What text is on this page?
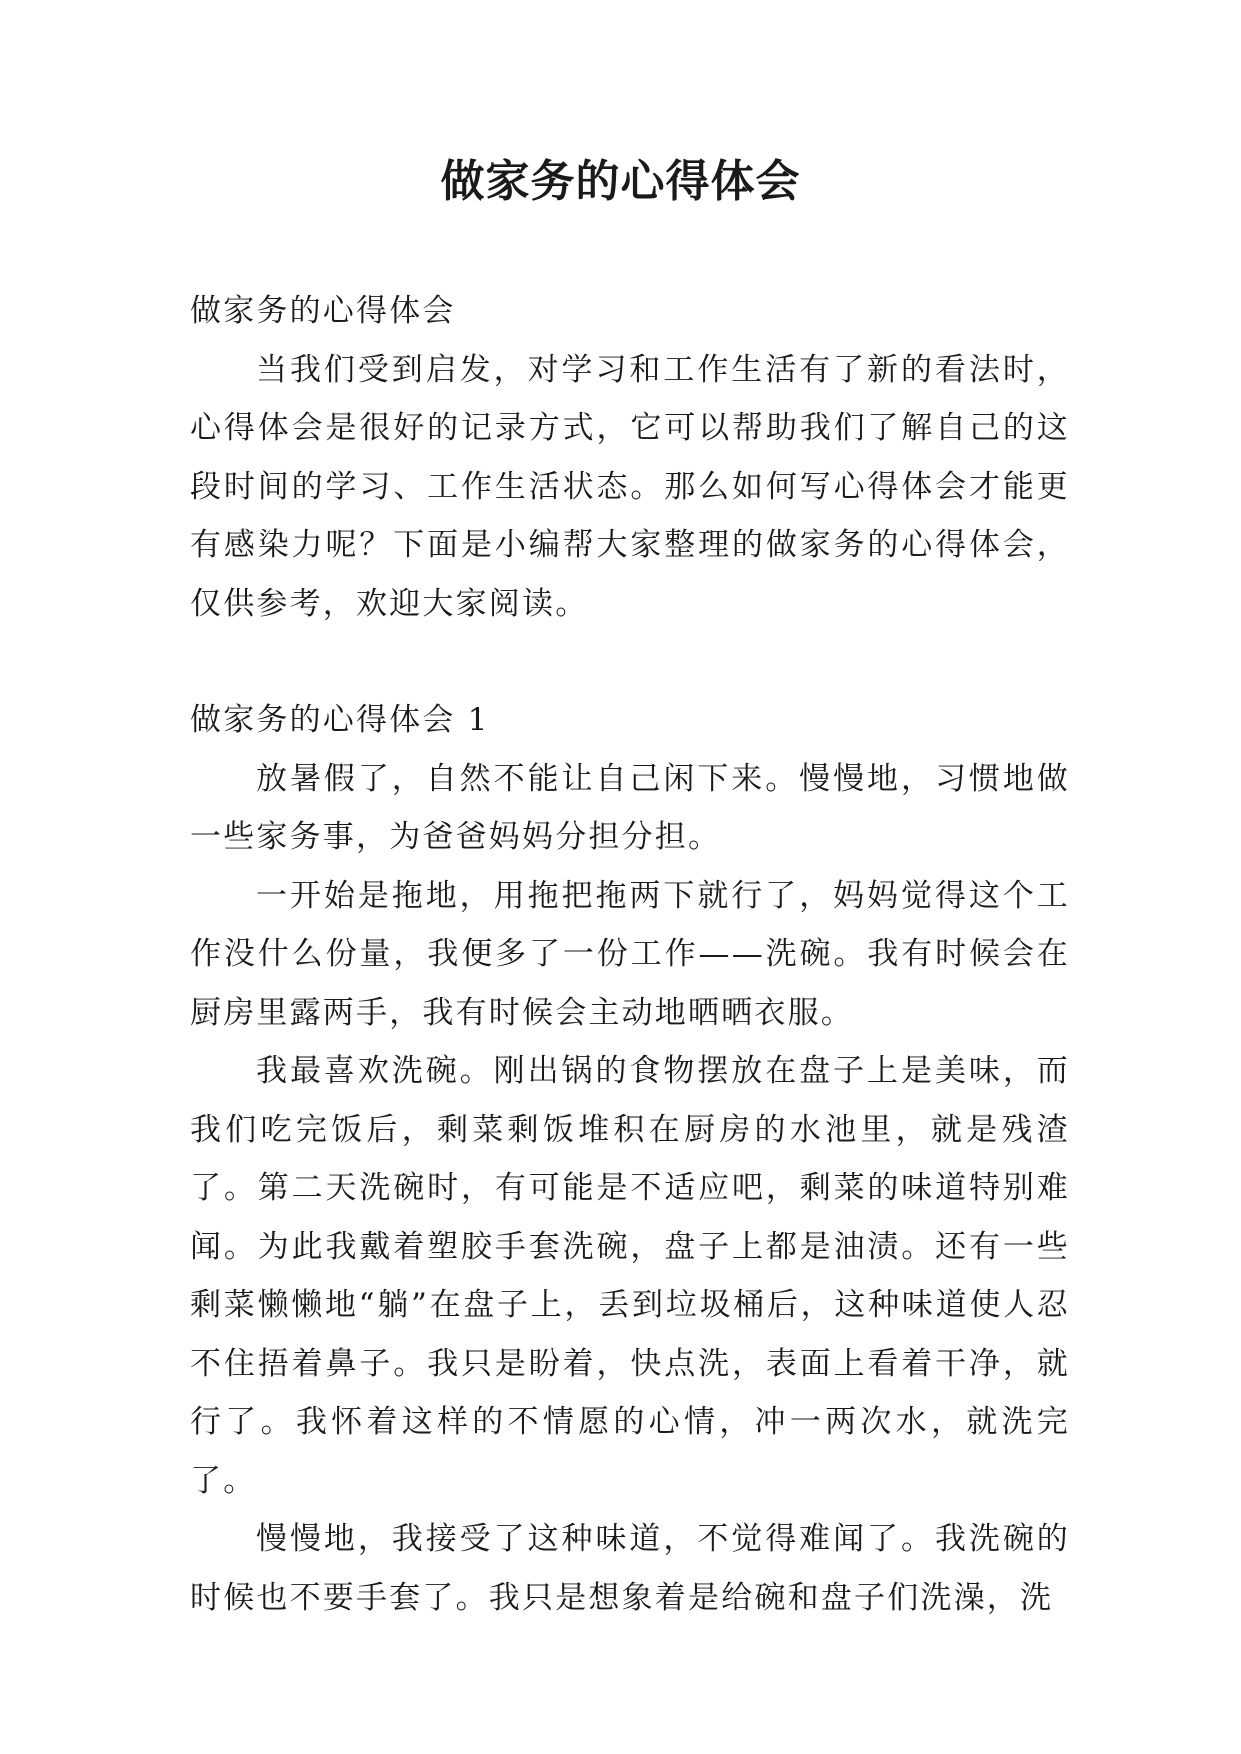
做家务的心得体会

做家务的心得体会

当我们受到启发，对学习和工作生活有了新的看法时，心得体会是很好的记录方式，它可以帮助我们了解自己的这段时间的学习、工作生活状态。那么如何写心得体会才能更有感染力呢？下面是小编帮大家整理的做家务的心得体会，仅供参考，欢迎大家阅读。

做家务的心得体会 1

放暑假了，自然不能让自己闲下来。慢慢地，习惯地做一些家务事，为爸爸妈妈分担分担。

一开始是拖地，用拖把拖两下就行了，妈妈觉得这个工作没什么份量，我便多了一份工作——洗碗。我有时候会在厨房里露两手，我有时候会主动地晒晒衣服。

我最喜欢洗碗。刚出锅的食物摆放在盘子上是美味，而我们吃完饭后，剩菜剩饭堆积在厨房的水池里，就是残渣了。第二天洗碗时，有可能是不适应吧，剩菜的味道特别难闻。为此我戴着塑胶手套洗碗，盘子上都是油渍。还有一些剩菜懒懒地“躺”在盘子上，丢到垃圾桶后，这种味道使人忍不住捂着鼻子。我只是盼着，快点洗，表面上看着干净，就行了。我怀着这样的不情愿的心情，冲一两次水，就洗完了。

慢慢地，我接受了这种味道，不觉得难闻了。我洗碗的时候也不要手套了。我只是想象着是给碗和盘子们洗澡，洗
